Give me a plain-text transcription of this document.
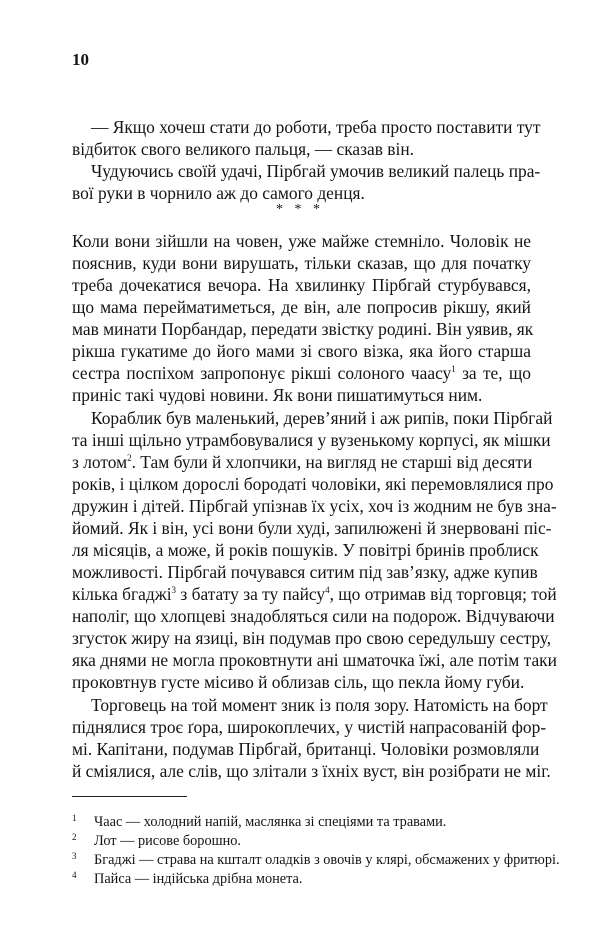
10
— Якщо хочеш стати до роботи, треба просто поставити тут
відбиток свого великого пальця, — сказав він.
Чудуючись своїй удачі, Пірбгай умочив великий палець пра-
вої руки в чорнило аж до самого денця.
* * *
Коли вони зійшли на човен, уже майже стемніло. Чоловік не
пояснив, куди вони вирушать, тільки сказав, що для початку
треба дочекатися вечора. На хвилинку Пірбгай стурбувався,
що мама перейматиметься, де він, але попросив рікшу, який
мав минати Порбандар, передати звістку родині. Він уявив, як
рікша гукатиме до його мами зі свого візка, яка його старша
сестра поспіхом запропонує рікші солоного чаасу$^1$ за те, що
приніс такі чудові новини. Як вони пишатимуться ним.
Кораблик був маленький, дерев’яний і аж рипів, поки Пірбгай
та інші щільно утрамбовувалися у вузенькому корпусі, як мішки
з лотом$^2$. Там були й хлопчики, на вигляд не старші від десяти
років, і цілком дорослі бородаті чоловіки, які перемовлялися про
дружин і дітей. Пірбгай упізнав їх усіх, хоч із жодним не був зна-
йомий. Як і він, усі вони були худі, запилюжені й знервовані піс-
ля місяців, а може, й років пошуків. У повітрі бринів проблиск
можливості. Пірбгай почувався ситим під зав’язку, адже купив
кілька бгаджі$^3$ з батату за ту пайсу$^4$, що отримав від торговця; той
наполіг, що хлопцеві знадобляться сили на подорож. Відчуваючи
згусток жиру на язиці, він подумав про свою середульшу сестру,
яка днями не могла проковтнути ані шматочка їжі, але потім таки
проковтнув густе місиво й облизав сіль, що пекла йому губи.
Торговець на той момент зник із поля зору. Натомість на борт
піднялися троє ґора, широкоплечих, у чистій напрасованій фор-
мі. Капітани, подумав Пірбгай, британці. Чоловіки розмовляли
й сміялися, але слів, що злітали з їхніх вуст, він розібрати не міг.
1 Чаас — холодний напій, маслянка зі спеціями та травами.
2 Лот — рисове борошно.
3 Бгаджі — страва на кшталт оладків з овочів у клярі, обсмажених у фритюрі.
4 Пайса — індійська дрібна монета.
